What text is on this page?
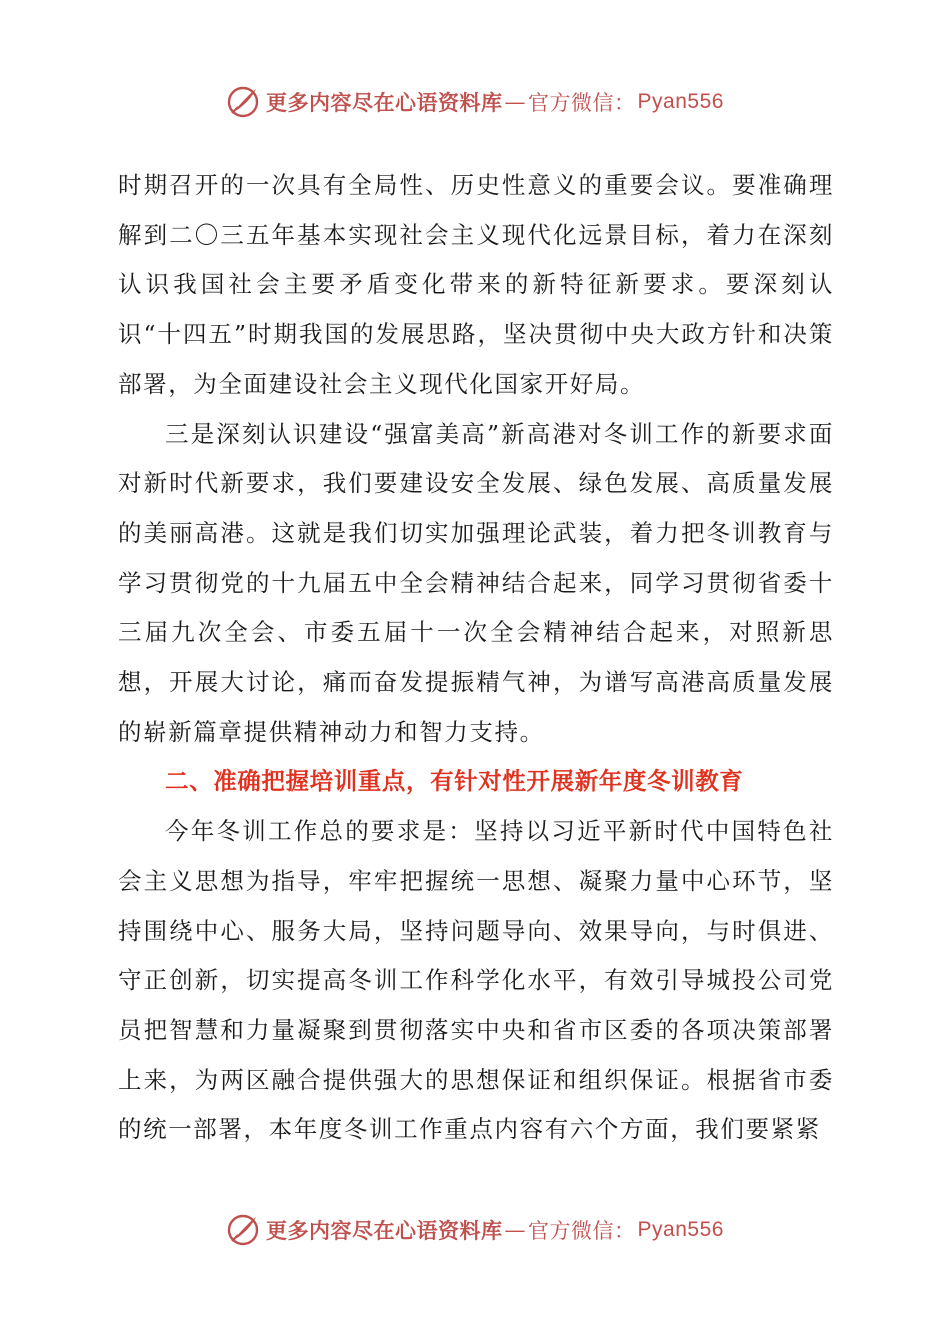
更多内容尽在心语资料库 — 官方微信： Pyan556

时期召开的一次具有全局性、历史性意义的重要会议。要准确理解到二〇三五年基本实现社会主义现代化远景目标，着力在深刻认识我国社会主要矛盾变化带来的新特征新要求。要深刻认识“十四五”时期我国的发展思路，坚决贯彻中央大政方针和决策部署，为全面建设社会主义现代化国家开好局。

三是深刻认识建设“强富美高”新高港对冬训工作的新要求面对新时代新要求，我们要建设安全发展、绿色发展、高质量发展的美丽高港。这就是我们切实加强理论武装，着力把冬训教育与学习贯彻党的十九届五中全会精神结合起来，同学习贯彻省委十三届九次全会、市委五届十一次全会精神结合起来，对照新思想，开展大讨论，痛而奋发提振精气神，为谱写高港高质量发展的崭新篇章提供精神动力和智力支持。

二、准确把握培训重点，有针对性开展新年度冬训教育

今年冬训工作总的要求是：坚持以习近平新时代中国特色社会主义思想为指导，牢牢把握统一思想、凝聚力量中心环节，坚持围绕中心、服务大局，坚持问题导向、效果导向，与时俱进、守正创新，切实提高冬训工作科学化水平，有效引导城投公司党员把智慧和力量凝聚到贯彻落实中央和省市区委的各项决策部署上来，为两区融合提供强大的思想保证和组织保证。根据省市委的统一部署，本年度冬训工作重点内容有六个方面，我们要紧紧

更多内容尽在心语资料库 — 官方微信： Pyan556
